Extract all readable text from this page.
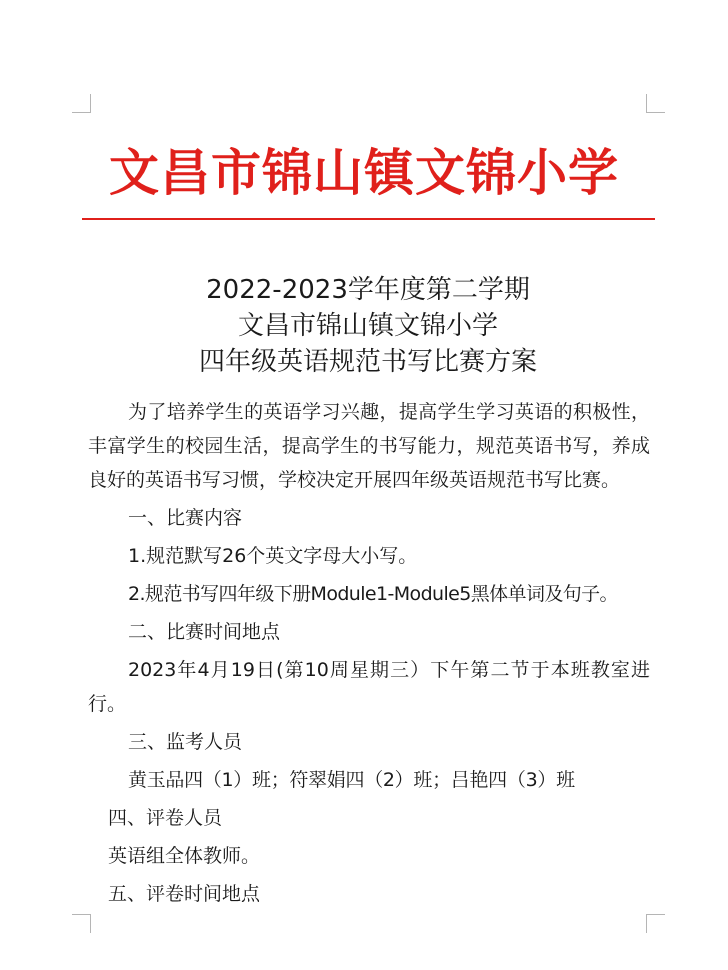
文昌市锦山镇文锦小学
2022-2023学年度第二学期
文昌市锦山镇文锦小学
四年级英语规范书写比赛方案

为了培养学生的英语学习兴趣，提高学生学习英语的积极性，丰富学生的校园生活，提高学生的书写能力，规范英语书写，养成良好的英语书写习惯，学校决定开展四年级英语规范书写比赛。

一、比赛内容

1.规范默写26个英文字母大小写。

2.规范书写四年级下册Module1-Module5黑体单词及句子。

二、比赛时间地点

2023年4月19日(第10周星期三）下午第二节于本班教室进行。

三、监考人员

黄玉品四（1）班；符翠娟四（2）班；吕艳四（3）班

四、评卷人员

英语组全体教师。

五、评卷时间地点
